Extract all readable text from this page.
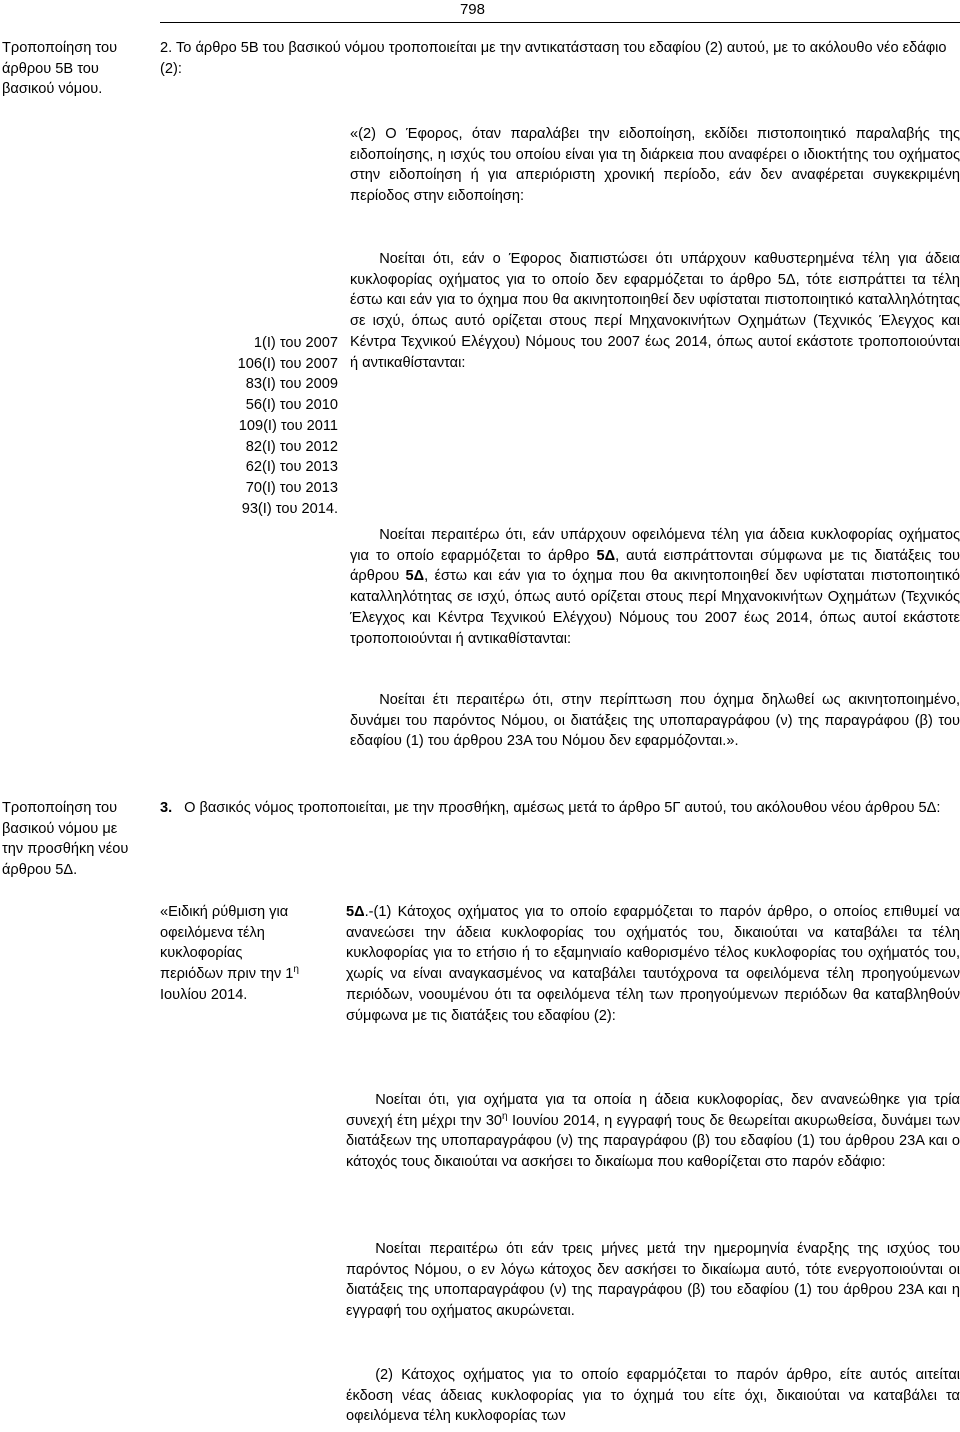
798
Τροποποίηση του άρθρου 5Β του βασικού νόμου.
2. Το άρθρο 5Β του βασικού νόμου τροποποιείται με την αντικατάσταση του εδαφίου (2) αυτού, με το ακόλουθο νέο εδάφιο (2):
«(2) Ο Έφορος, όταν παραλάβει την ειδοποίηση, εκδίδει πιστοποιητικό παραλαβής της ειδοποίησης, η ισχύς του οποίου είναι για τη διάρκεια που αναφέρει ο ιδιοκτήτης του οχήματος στην ειδοποίηση ή για απεριόριστη χρονική περίοδο, εάν δεν αναφέρεται συγκεκριμένη περίοδος στην ειδοποίηση:
Νοείται ότι, εάν ο Έφορος διαπιστώσει ότι υπάρχουν καθυστερημένα τέλη για άδεια κυκλοφορίας οχήματος για το οποίο δεν εφαρμόζεται το άρθρο 5Δ, τότε εισπράττει τα τέλη έστω και εάν για το όχημα που θα ακινητοποιηθεί δεν υφίσταται πιστοποιητικό καταλληλότητας σε ισχύ, όπως αυτό ορίζεται στους περί Μηχανοκινήτων Οχημάτων (Τεχνικός Έλεγχος και Κέντρα Τεχνικού Ελέγχου) Νόμους του 2007 έως 2014, όπως αυτοί εκάστοτε τροποποιούνται ή αντικαθίστανται:
1(I) του 2007
106(I) του 2007
83(I) του 2009
56(I) του 2010
109(I) του 2011
82(I) του 2012
62(I) του 2013
70(I) του 2013
93(I) του 2014.
Νοείται περαιτέρω ότι, εάν υπάρχουν οφειλόμενα τέλη για άδεια κυκλοφορίας οχήματος για το οποίο εφαρμόζεται το άρθρο 5Δ, αυτά εισπράττονται σύμφωνα με τις διατάξεις του άρθρου 5Δ, έστω και εάν για το όχημα που θα ακινητοποιηθεί δεν υφίσταται πιστοποιητικό καταλληλότητας σε ισχύ, όπως αυτό ορίζεται στους περί Μηχανοκινήτων Οχημάτων (Τεχνικός Έλεγχος και Κέντρα Τεχνικού Ελέγχου) Νόμους του 2007 έως 2014, όπως αυτοί εκάστοτε τροποποιούνται ή αντικαθίστανται:
Νοείται έτι περαιτέρω ότι, στην περίπτωση που όχημα δηλωθεί ως ακινητοποιημένο, δυνάμει του παρόντος Νόμου, οι διατάξεις της υποπαραγράφου (ν) της παραγράφου (β) του εδαφίου (1) του άρθρου 23Α του Νόμου δεν εφαρμόζονται.».
Τροποποίηση του βασικού νόμου με την προσθήκη νέου άρθρου 5Δ.
3. Ο βασικός νόμος τροποποιείται, με την προσθήκη, αμέσως μετά το άρθρο 5Γ αυτού, του ακόλουθου νέου άρθρου 5Δ:
«Ειδική ρύθμιση για
οφειλόμενα τέλη
κυκλοφορίας
περιόδων πριν την $1^\eta$
Ιουλίου 2014.
5Δ.-(1) Κάτοχος οχήματος για το οποίο εφαρμόζεται το παρόν άρθρο, ο οποίος επιθυμεί να ανανεώσει την άδεια κυκλοφορίας του οχήματός του, δικαιούται να καταβάλει τα τέλη κυκλοφορίας για το ετήσιο ή το εξαμηνιαίο καθορισμένο τέλος κυκλοφορίας του οχήματός του, χωρίς να είναι αναγκασμένος να καταβάλει ταυτόχρονα τα οφειλόμενα τέλη προηγούμενων περιόδων, νοουμένου ότι τα οφειλόμενα τέλη των προηγούμενων περιόδων θα καταβληθούν σύμφωνα με τις διατάξεις του εδαφίου (2):
Νοείται ότι, για οχήματα για τα οποία η άδεια κυκλοφορίας, δεν ανανεώθηκε για τρία συνεχή έτη μέχρι την $30^\eta$ Ιουνίου 2014, η εγγραφή τους δε θεωρείται ακυρωθείσα, δυνάμει των διατάξεων της υποπαραγράφου (ν) της παραγράφου (β) του εδαφίου (1) του άρθρου 23Α και ο κάτοχός τους δικαιούται να ασκήσει το δικαίωμα που καθορίζεται στο παρόν εδάφιο:
Νοείται περαιτέρω ότι εάν τρεις μήνες μετά την ημερομηνία έναρξης της ισχύος του παρόντος Νόμου, ο εν λόγω κάτοχος δεν ασκήσει το δικαίωμα αυτό, τότε ενεργοποιούνται οι διατάξεις της υποπαραγράφου (ν) της παραγράφου (β) του εδαφίου (1) του άρθρου 23Α και η εγγραφή του οχήματος ακυρώνεται.
(2) Κάτοχος οχήματος για το οποίο εφαρμόζεται το παρόν άρθρο, είτε αυτός αιτείται έκδοση νέας άδειας κυκλοφορίας για το όχημά του είτε όχι, δικαιούται να καταβάλει τα οφειλόμενα τέλη κυκλοφορίας των
